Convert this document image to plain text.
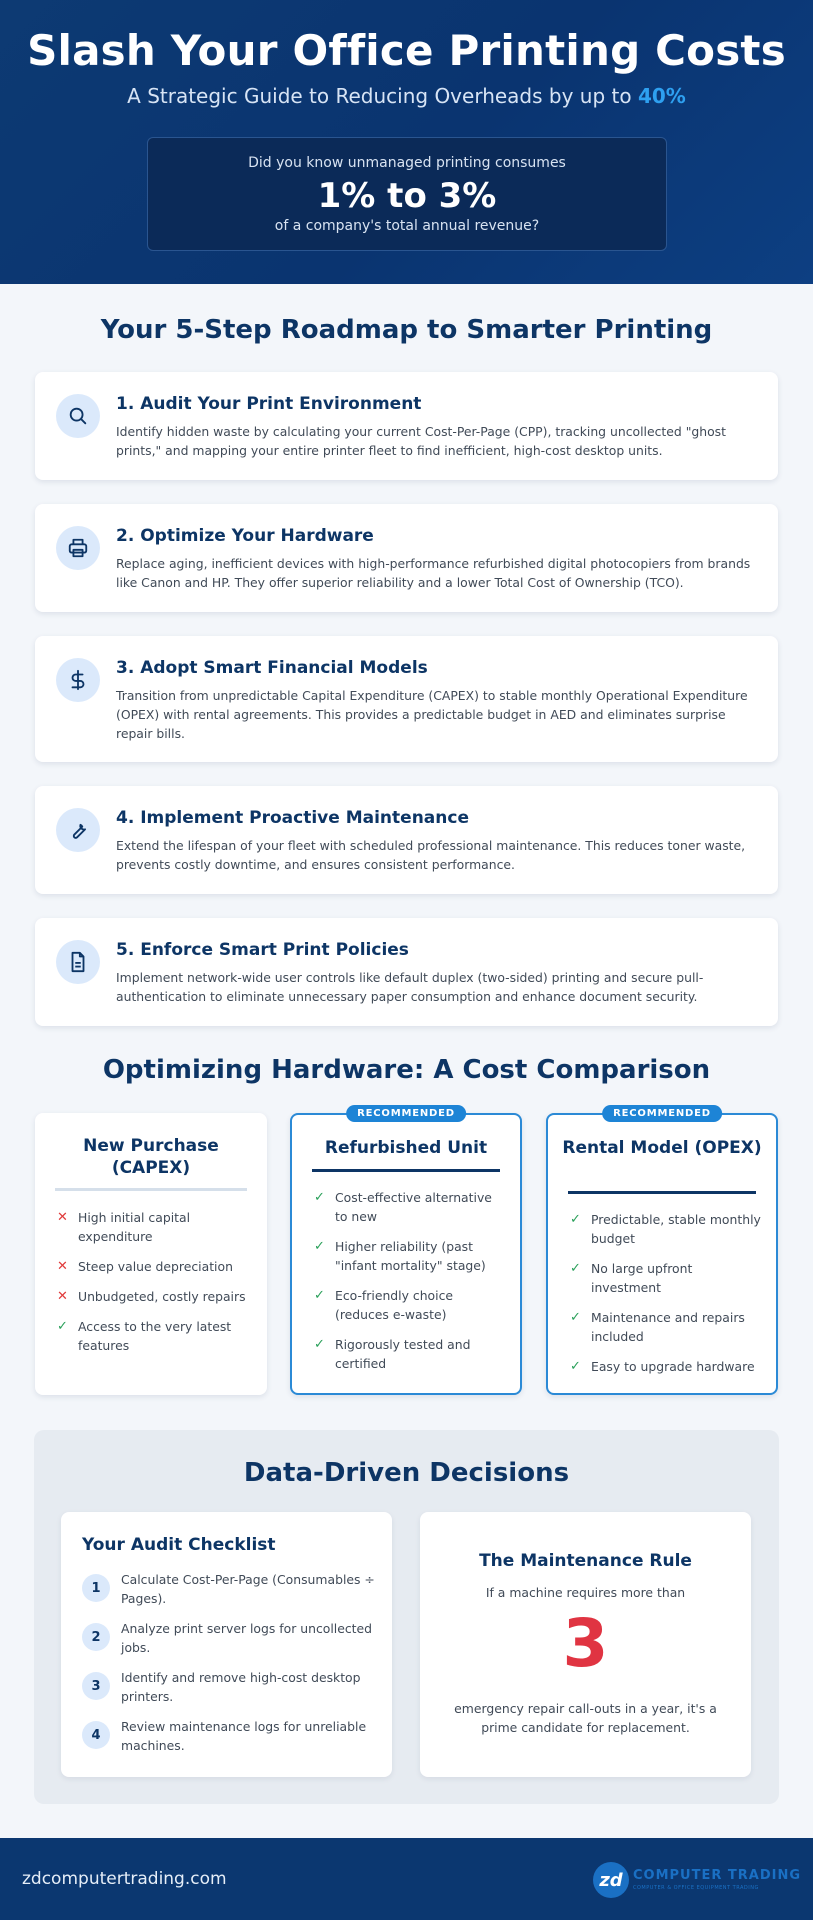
Slash Your Office Printing Costs
A Strategic Guide to Reducing Overheads by up to 40%
Did you know unmanaged printing consumes
1% to 3%
of a company's total annual revenue?
Your 5-Step Roadmap to Smarter Printing
1. Audit Your Print Environment
Identify hidden waste by calculating your current Cost-Per-Page (CPP), tracking uncollected "ghost prints," and mapping your entire printer fleet to find inefficient, high-cost desktop units.
2. Optimize Your Hardware
Replace aging, inefficient devices with high-performance refurbished digital photocopiers from brands like Canon and HP. They offer superior reliability and a lower Total Cost of Ownership (TCO).
3. Adopt Smart Financial Models
Transition from unpredictable Capital Expenditure (CAPEX) to stable monthly Operational Expenditure (OPEX) with rental agreements. This provides a predictable budget in AED and eliminates surprise repair bills.
4. Implement Proactive Maintenance
Extend the lifespan of your fleet with scheduled professional maintenance. This reduces toner waste, prevents costly downtime, and ensures consistent performance.
5. Enforce Smart Print Policies
Implement network-wide user controls like default duplex (two-sided) printing and secure pull-authentication to eliminate unnecessary paper consumption and enhance document security.
Optimizing Hardware: A Cost Comparison
New Purchase (CAPEX)
✕ High initial capital expenditure
✕ Steep value depreciation
✕ Unbudgeted, costly repairs
✓ Access to the very latest features
RECOMMENDED
Refurbished Unit
✓ Cost-effective alternative to new
✓ Higher reliability (past "infant mortality" stage)
✓ Eco-friendly choice (reduces e-waste)
✓ Rigorously tested and certified
RECOMMENDED
Rental Model (OPEX)
✓ Predictable, stable monthly budget
✓ No large upfront investment
✓ Maintenance and repairs included
✓ Easy to upgrade hardware
Data-Driven Decisions
Your Audit Checklist
1
Calculate Cost-Per-Page (Consumables ÷ Pages).
2
Analyze print server logs for uncollected jobs.
3
Identify and remove high-cost desktop printers.
4
Review maintenance logs for unreliable machines.
The Maintenance Rule
If a machine requires more than
3
emergency repair call-outs in a year, it's a prime candidate for replacement.
zdcomputertrading.com	zd COMPUTER TRADING
COMPUTER & OFFICE EQUIPMENT TRADING
